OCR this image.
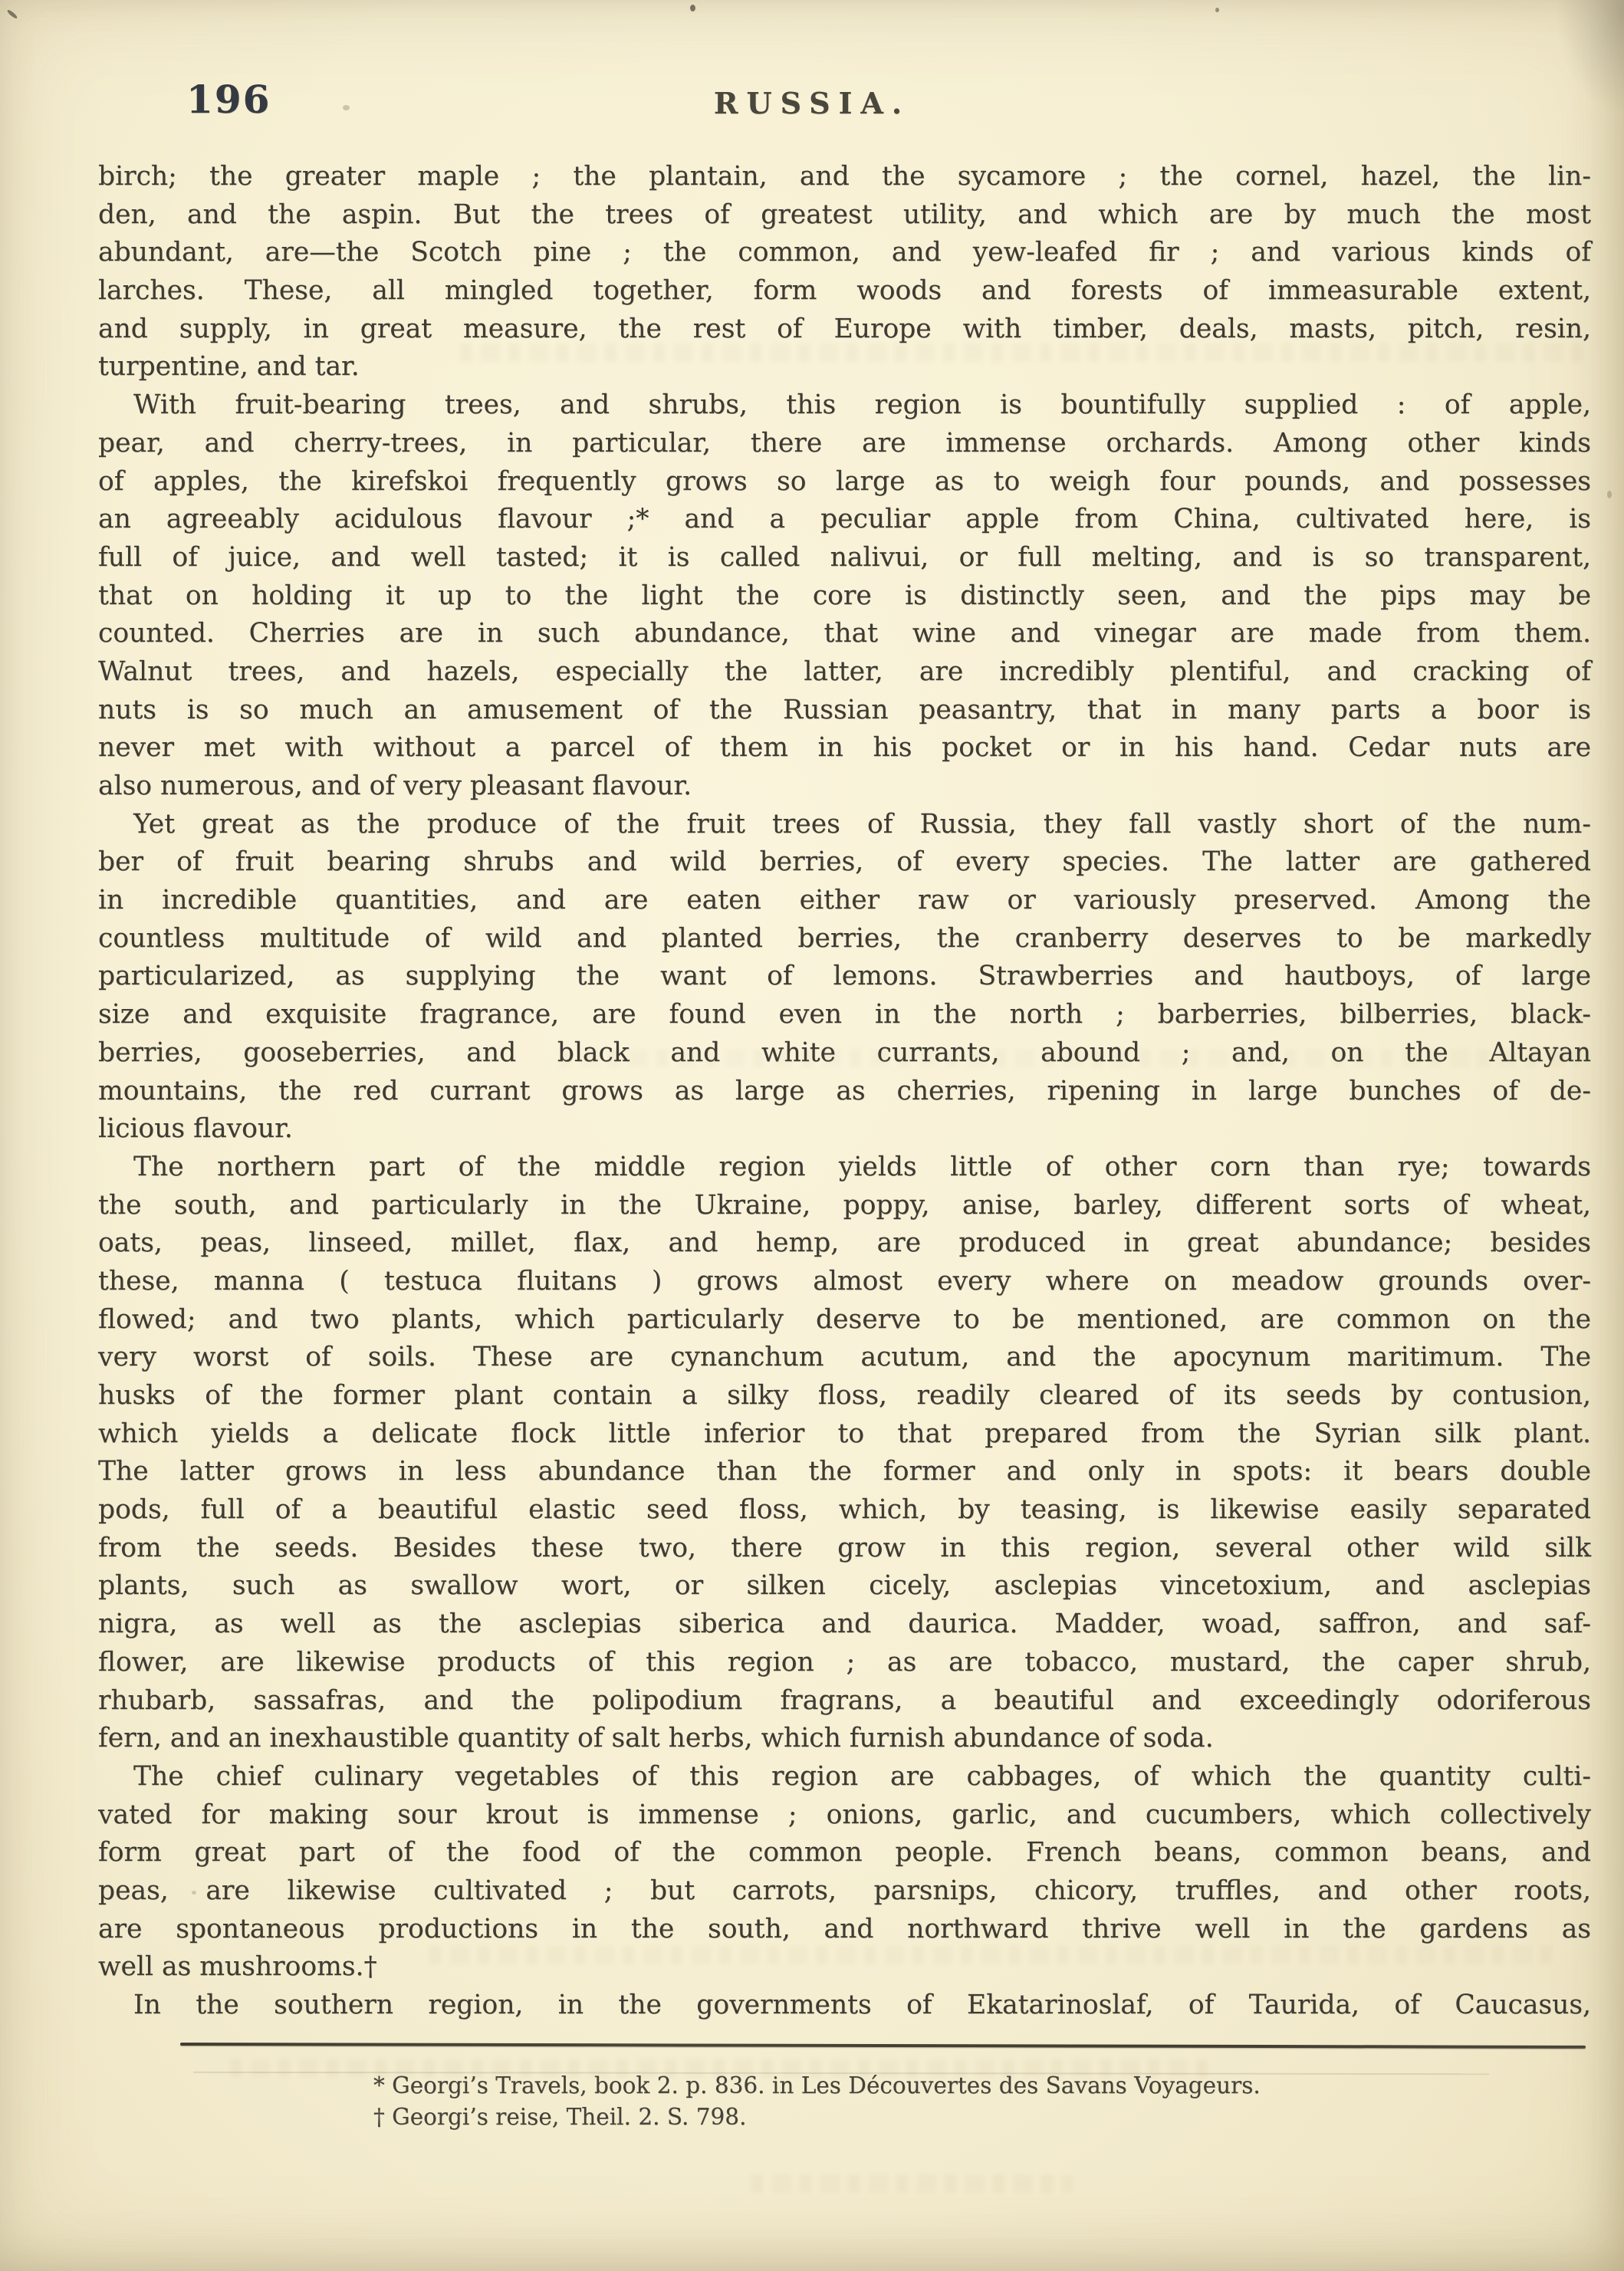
196	RUSSIA.
birch; the greater maple ; the plantain, and the sycamore ; the cornel, hazel, the lin-
den, and the aspin. But the trees of greatest utility, and which are by much the most
abundant, are—the Scotch pine ; the common, and yew-leafed fir ; and various kinds of
larches. These, all mingled together, form woods and forests of immeasurable extent,
and supply, in great measure, the rest of Europe with timber, deals, masts, pitch, resin,
turpentine, and tar.
With fruit-bearing trees, and shrubs, this region is bountifully supplied : of apple,
pear, and cherry-trees, in particular, there are immense orchards. Among other kinds
of apples, the kirefskoi frequently grows so large as to weigh four pounds, and possesses
an agreeably acidulous flavour ;* and a peculiar apple from China, cultivated here, is
full of juice, and well tasted; it is called nalivui, or full melting, and is so transparent,
that on holding it up to the light the core is distinctly seen, and the pips may be
counted. Cherries are in such abundance, that wine and vinegar are made from them.
Walnut trees, and hazels, especially the latter, are incredibly plentiful, and cracking of
nuts is so much an amusement of the Russian peasantry, that in many parts a boor is
never met with without a parcel of them in his pocket or in his hand. Cedar nuts are
also numerous, and of very pleasant flavour.
Yet great as the produce of the fruit trees of Russia, they fall vastly short of the num-
ber of fruit bearing shrubs and wild berries, of every species. The latter are gathered
in incredible quantities, and are eaten either raw or variously preserved. Among the
countless multitude of wild and planted berries, the cranberry deserves to be markedly
particularized, as supplying the want of lemons. Strawberries and hautboys, of large
size and exquisite fragrance, are found even in the north ; barberries, bilberries, black-
berries, gooseberries, and black and white currants, abound ; and, on the Altayan
mountains, the red currant grows as large as cherries, ripening in large bunches of de-
licious flavour.
The northern part of the middle region yields little of other corn than rye; towards
the south, and particularly in the Ukraine, poppy, anise, barley, different sorts of wheat,
oats, peas, linseed, millet, flax, and hemp, are produced in great abundance; besides
these, manna ( testuca fluitans ) grows almost every where on meadow grounds over-
flowed; and two plants, which particularly deserve to be mentioned, are common on the
very worst of soils. These are cynanchum acutum, and the apocynum maritimum. The
husks of the former plant contain a silky floss, readily cleared of its seeds by contusion,
which yields a delicate flock little inferior to that prepared from the Syrian silk plant.
The latter grows in less abundance than the former and only in spots: it bears double
pods, full of a beautiful elastic seed floss, which, by teasing, is likewise easily separated
from the seeds. Besides these two, there grow in this region, several other wild silk
plants, such as swallow wort, or silken cicely, asclepias vincetoxium, and asclepias
nigra, as well as the asclepias siberica and daurica. Madder, woad, saffron, and saf-
flower, are likewise products of this region ; as are tobacco, mustard, the caper shrub,
rhubarb, sassafras, and the polipodium fragrans, a beautiful and exceedingly odoriferous
fern, and an inexhaustible quantity of salt herbs, which furnish abundance of soda.
The chief culinary vegetables of this region are cabbages, of which the quantity culti-
vated for making sour krout is immense ; onions, garlic, and cucumbers, which collectively
form great part of the food of the common people. French beans, common beans, and
peas, are likewise cultivated ; but carrots, parsnips, chicory, truffles, and other roots,
are spontaneous productions in the south, and northward thrive well in the gardens as
well as mushrooms.†
In the southern region, in the governments of Ekatarinoslaf, of Taurida, of Caucasus,
* Georgi’s Travels, book 2. p. 836. in Les Découvertes des Savans Voyageurs.
† Georgi’s reise, Theil. 2. S. 798.
